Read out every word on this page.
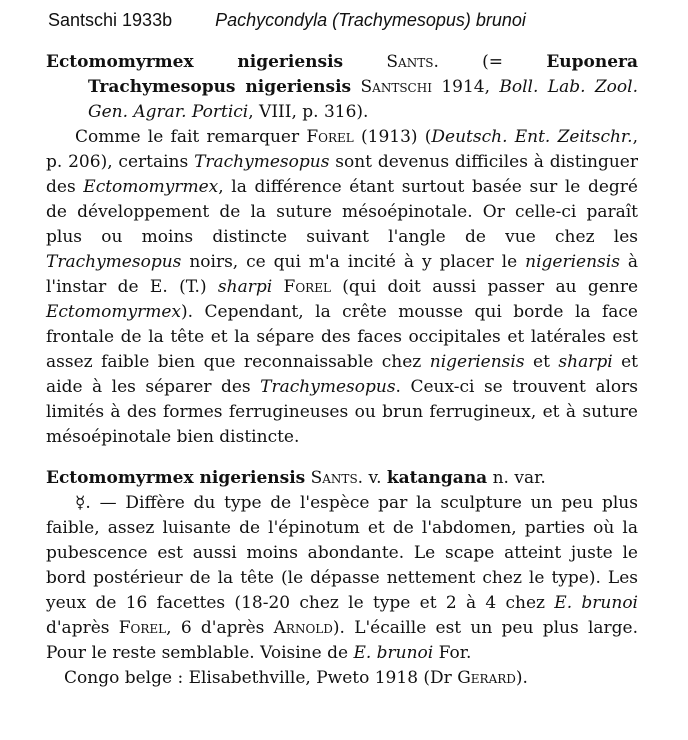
Santschi 1933b Pachycondyla (Trachymesopus) brunoi

Ectomomyrmex nigeriensis	Sants. (= Euponera Trachymesopus nigeriensis Santschi 1914, Boll. Lab. Zool. Gen. Agrar. Portici, VIII, p. 316).

Comme le fait remarquer Forel (1913) (Deutsch. Ent. Zeitschr., p. 206), certains Trachymesopus sont devenus difficiles à distinguer des Ectomomyrmex, la différence étant surtout basée sur le degré de développement de la suture mésoépinotale. Or celle-ci paraît plus ou moins distincte suivant l'angle de vue chez les Trachymesopus noirs, ce qui m'a incité à y placer le nigeriensis à l'instar de E. (T.) sharpi Forel (qui doit aussi passer au genre Ectomomyrmex). Cependant, la crête mousse qui borde la face frontale de la tête et la sépare des faces occipitales et latérales est assez faible bien que reconnaissable chez nigeriensis et sharpi et aide à les séparer des Trachymesopus. Ceux-ci se trouvent alors limités à des formes ferrugineuses ou brun ferrugineux, et à suture mésoépinotale bien distincte.

Ectomomyrmex nigeriensis Sants. v. katangana n. var.

☿. — Diffère du type de l'espèce par la sculpture un peu plus faible, assez luisante de l'épinotum et de l'abdomen, parties où la pubescence est aussi moins abondante. Le scape atteint juste le bord postérieur de la tête (le dépasse nettement chez le type). Les yeux de 16 facettes (18-20 chez le type et 2 à 4 chez E. brunoi d'après Forel, 6 d'après Arnold). L'écaille est un peu plus large. Pour le reste semblable. Voisine de E. brunoi For.

Congo belge : Elisabethville, Pweto 1918 (Dr Gerard).
